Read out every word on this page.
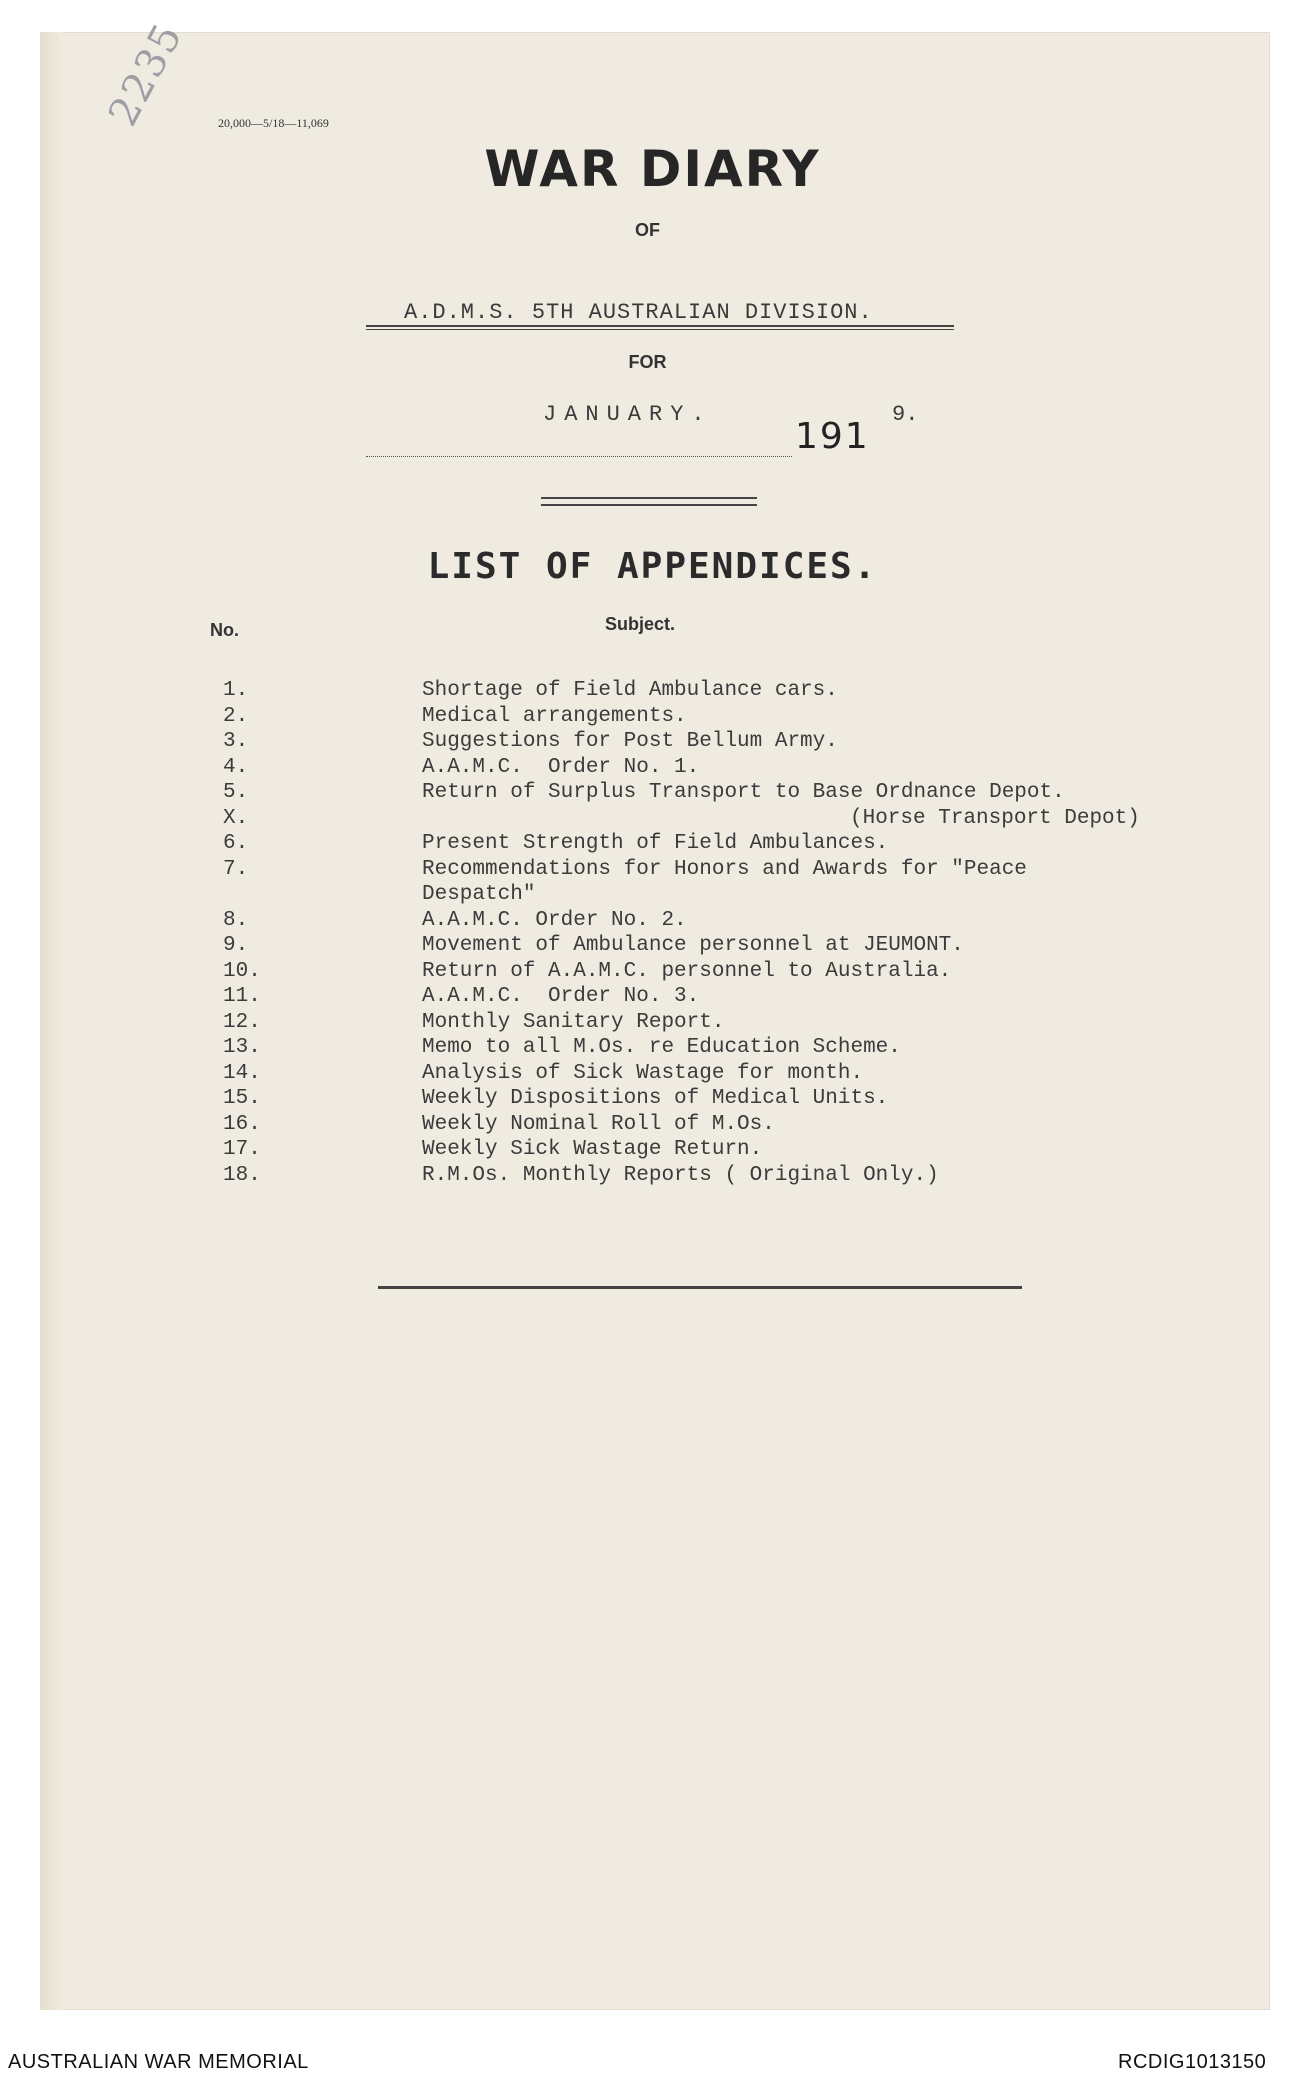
2235 20,000—5/18—11,069
WAR DIARY
OF
A.D.M.S. 5TH AUSTRALIAN DIVISION.
FOR
JANUARY.
191
9.
LIST OF APPENDICES.
No.	Subject.
1.	Shortage of Field Ambulance cars.
2.	Medical arrangements.
3.	Suggestions for Post Bellum Army.
4.	A.A.M.C.  Order No. 1.
5.	Return of Surplus Transport to Base Ordnance Depot.
X.	(Horse Transport Depot)
6.	Present Strength of Field Ambulances.
7.	Recommendations for Honors and Awards for "Peace
Despatch"
8.	A.A.M.C. Order No. 2.
9.	Movement of Ambulance personnel at JEUMONT.
10.	Return of A.A.M.C. personnel to Australia.
11.	A.A.M.C.  Order No. 3.
12.	Monthly Sanitary Report.
13.	Memo to all M.Os. re Education Scheme.
14.	Analysis of Sick Wastage for month.
15.	Weekly Dispositions of Medical Units.
16.	Weekly Nominal Roll of M.Os.
17.	Weekly Sick Wastage Return.
18.	R.M.Os. Monthly Reports ( Original Only.)
AUSTRALIAN WAR MEMORIAL	RCDIG1013150
